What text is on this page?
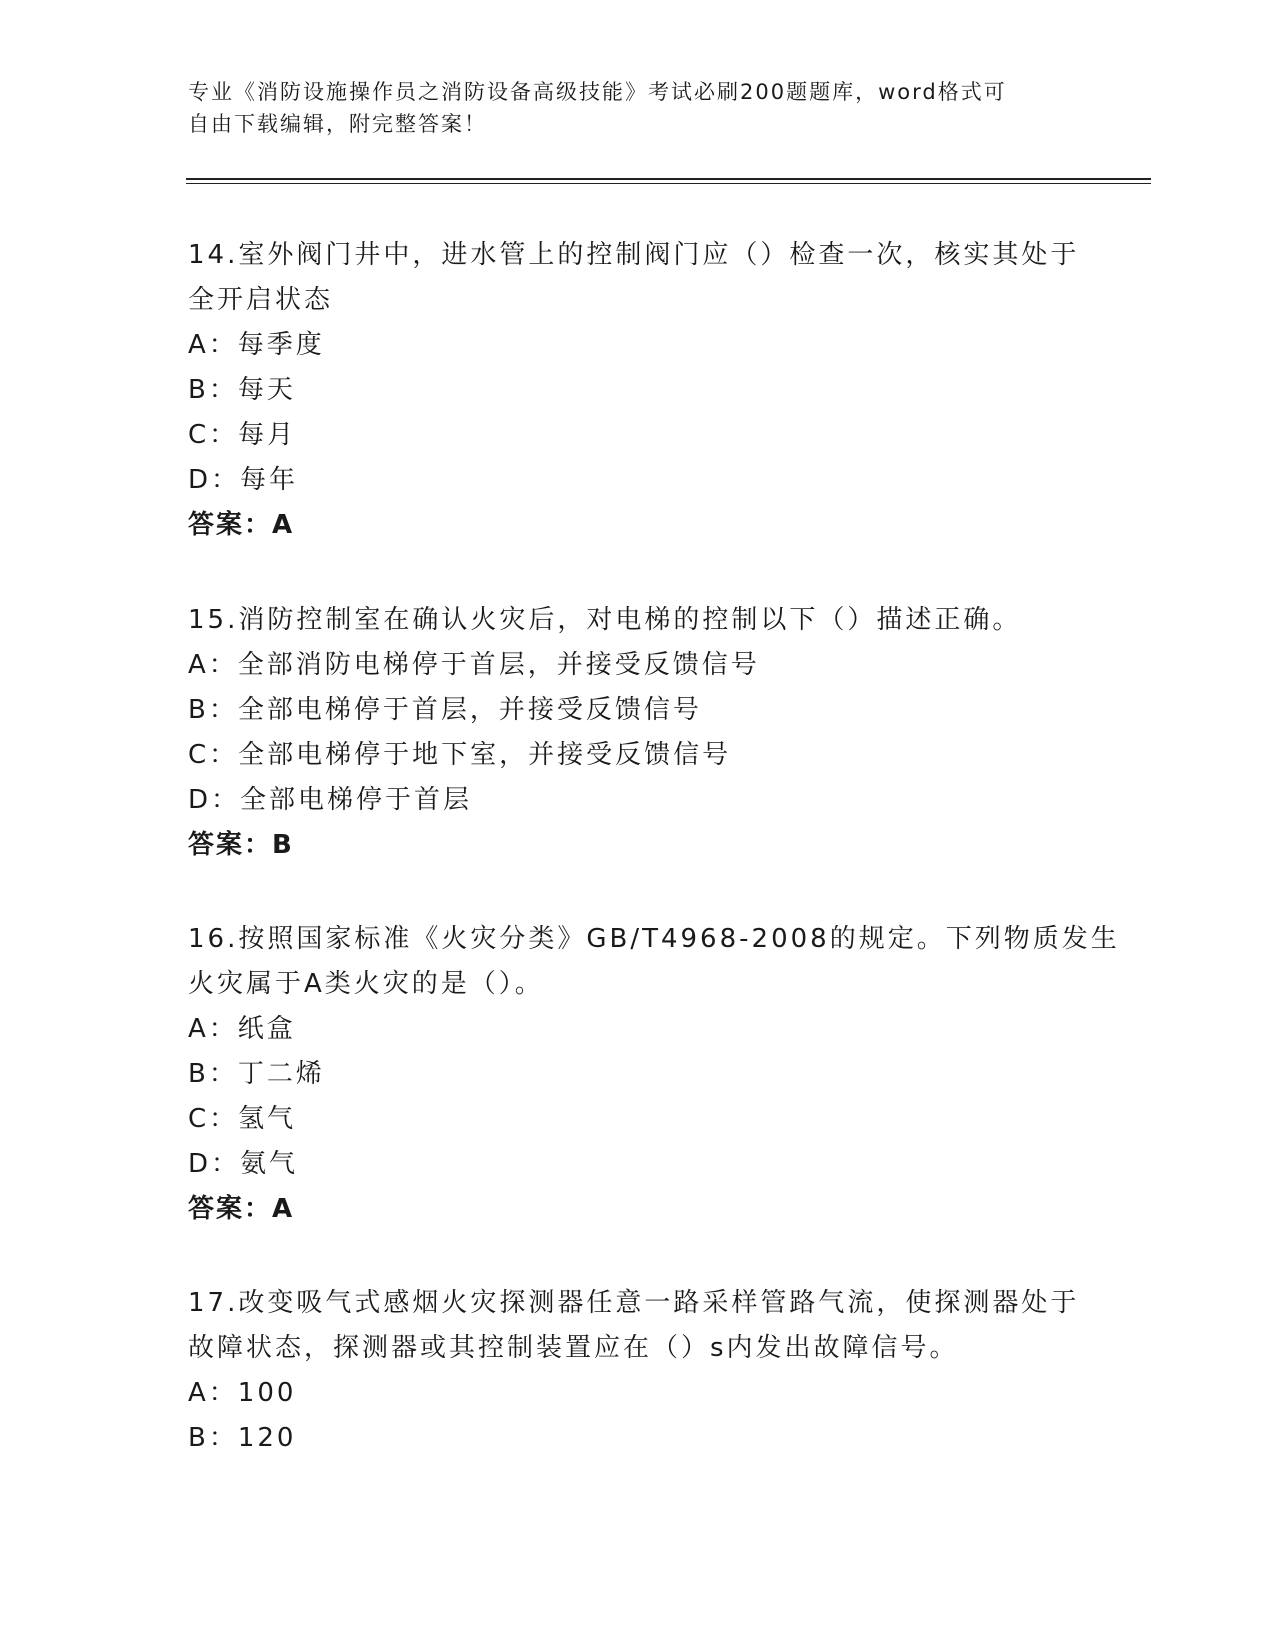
专业《消防设施操作员之消防设备高级技能》考试必刷200题题库，word格式可
自由下载编辑，附完整答案！
14.室外阀门井中，进水管上的控制阀门应（）检查一次，核实其处于
全开启状态
A：每季度
B：每天
C：每月
D：每年
答案：A
15.消防控制室在确认火灾后，对电梯的控制以下（）描述正确。
A：全部消防电梯停于首层，并接受反馈信号
B：全部电梯停于首层，并接受反馈信号
C：全部电梯停于地下室，并接受反馈信号
D：全部电梯停于首层
答案：B
16.按照国家标准《火灾分类》GB/T4968-2008的规定。下列物质发生
火灾属于A类火灾的是（）。
A：纸盒
B：丁二烯
C：氢气
D：氨气
答案：A
17.改变吸气式感烟火灾探测器任意一路采样管路气流，使探测器处于
故障状态，探测器或其控制装置应在（）s内发出故障信号。
A：100
B：120
